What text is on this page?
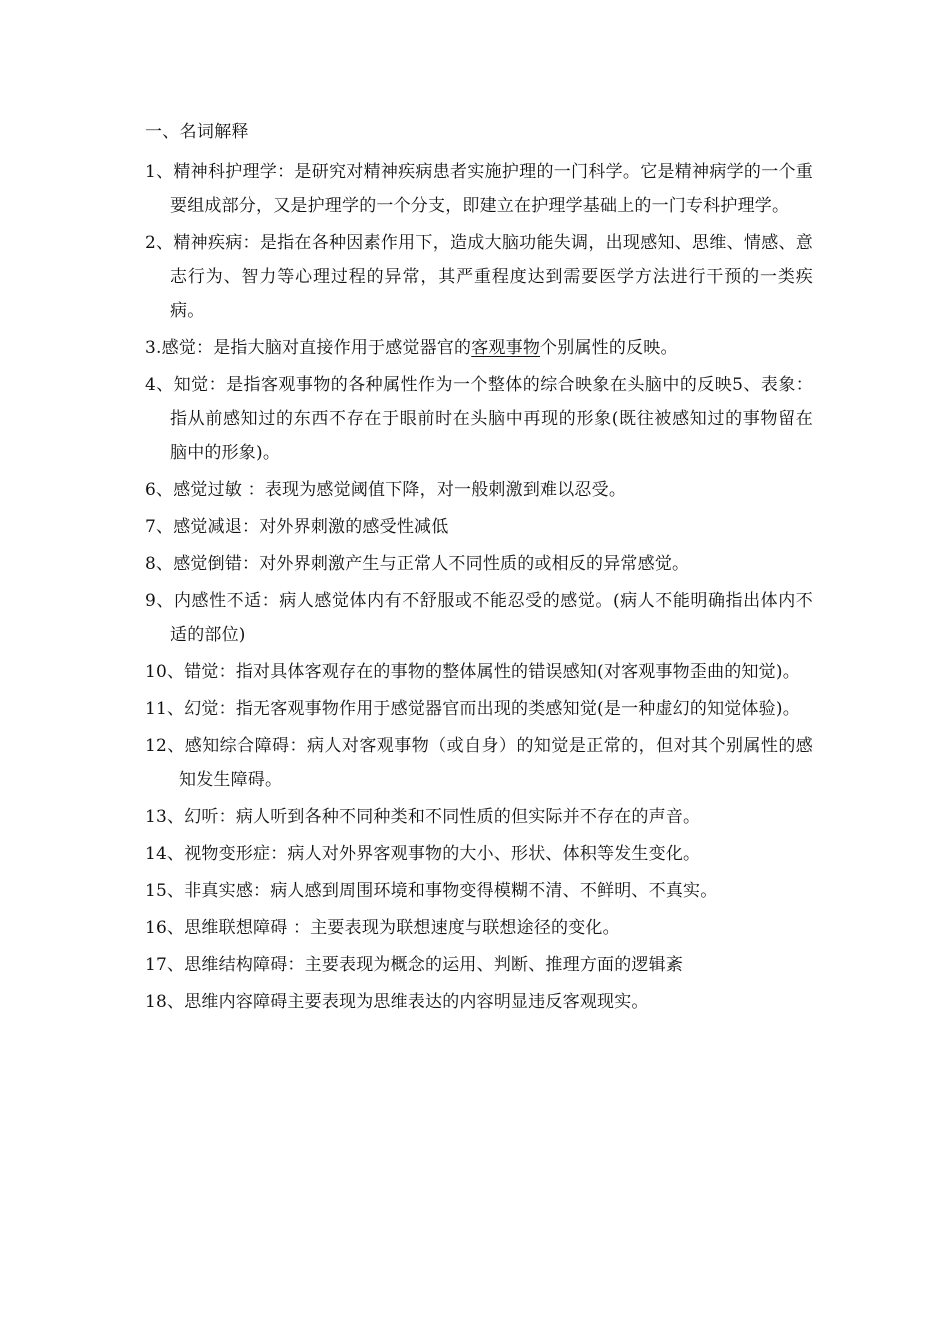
一、名词解释

1、精神科护理学：是研究对精神疾病患者实施护理的一门科学。它是精神病学的一个重要组成部分，又是护理学的一个分支，即建立在护理学基础上的一门专科护理学。

2、精神疾病：是指在各种因素作用下，造成大脑功能失调，出现感知、思维、情感、意志行为、智力等心理过程的异常，其严重程度达到需要医学方法进行干预的一类疾病。

3.感觉：是指大脑对直接作用于感觉器官的客观事物个别属性的反映。

4、知觉：是指客观事物的各种属性作为一个整体的综合映象在头脑中的反映5、表象：指从前感知过的东西不存在于眼前时在头脑中再现的形象(既往被感知过的事物留在脑中的形象)。

6、感觉过敏 ：表现为感觉阈值下降，对一般刺激到难以忍受。

7、感觉减退：对外界刺激的感受性减低

8、感觉倒错：对外界刺激产生与正常人不同性质的或相反的异常感觉。

9、内感性不适：病人感觉体内有不舒服或不能忍受的感觉。(病人不能明确指出体内不适的部位)

10、错觉：指对具体客观存在的事物的整体属性的错误感知(对客观事物歪曲的知觉)。

11、幻觉：指无客观事物作用于感觉器官而出现的类感知觉(是一种虚幻的知觉体验)。

12、感知综合障碍：病人对客观事物（或自身）的知觉是正常的，但对其个别属性的感知发生障碍。

13、幻听：病人听到各种不同种类和不同性质的但实际并不存在的声音。

14、视物变形症：病人对外界客观事物的大小、形状、体积等发生变化。

15、非真实感：病人感到周围环境和事物变得模糊不清、不鲜明、不真实。

16、思维联想障碍 ：主要表现为联想速度与联想途径的变化。

17、思维结构障碍：主要表现为概念的运用、判断、推理方面的逻辑紊

18、思维内容障碍主要表现为思维表达的内容明显违反客观现实。
